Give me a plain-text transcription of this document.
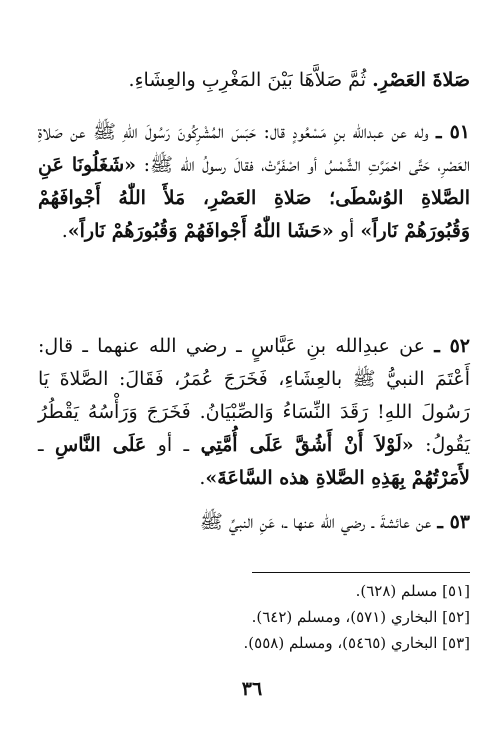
صَلاةَ العَصْرِ. ثُمَّ صَلاَّهَا بَيْنَ المَغْرِبِ والعِشَاءِ.
٥١ ـ وله عن عبدالله بنِ مَسْعُودٍ قال: حَبَسَ المُشْرِكُونَ رَسُولَ اللهِ ﷺ عن صَلاةِ العَصْرِ، حَتَّى احْمَرَّتِ الشَّمْسُ أو اصْفَرَّتْ، فقالَ رسولُ الله ﷺ: «شَغَلُونَا عَنِ الصَّلاةِ الوُسْطَى؛ صَلاةِ العَصْرِ، مَلأَ اللّٰهُ أَجْوافَهُمْ وَقُبُورَهُمْ نَاراً» أو «حَشَا اللّٰهُ أَجْوافَهُمْ وَقُبُورَهُمْ نَاراً».
٥٢ ـ عن عبدِالله بنِ عَبَّاسٍ ـ رضي الله عنهما ـ قال: أَعْتَمَ النبيُّ ﷺ بالعِشَاءِ، فَخَرَجَ عُمَرُ، فَقَالَ: الصَّلاةَ يَا رَسُولَ اللهِ! رَقَدَ النِّسَاءُ وَالصِّبْيَانُ. فَخَرَجَ وَرَأْسُهُ يَقْطُرُ يَقُولُ: «لَوْلاَ أَنْ أَشُقَّ عَلَى أُمَّتِي ـ أو عَلَى النَّاسِ ـ لأَمَرْتُهُمْ بِهَذِهِ الصَّلاةِ هذه السَّاعَةَ».
٥٣ ـ عن عائشةَ ـ رضي الله عنها ـ، عَنِ النبيِّ ﷺ
[٥١] مسلم (٦٢٨).
[٥٢] البخاري (٥٧١)، ومسلم (٦٤٢).
[٥٣] البخاري (٥٤٦٥)، ومسلم (٥٥٨).
٣٦
